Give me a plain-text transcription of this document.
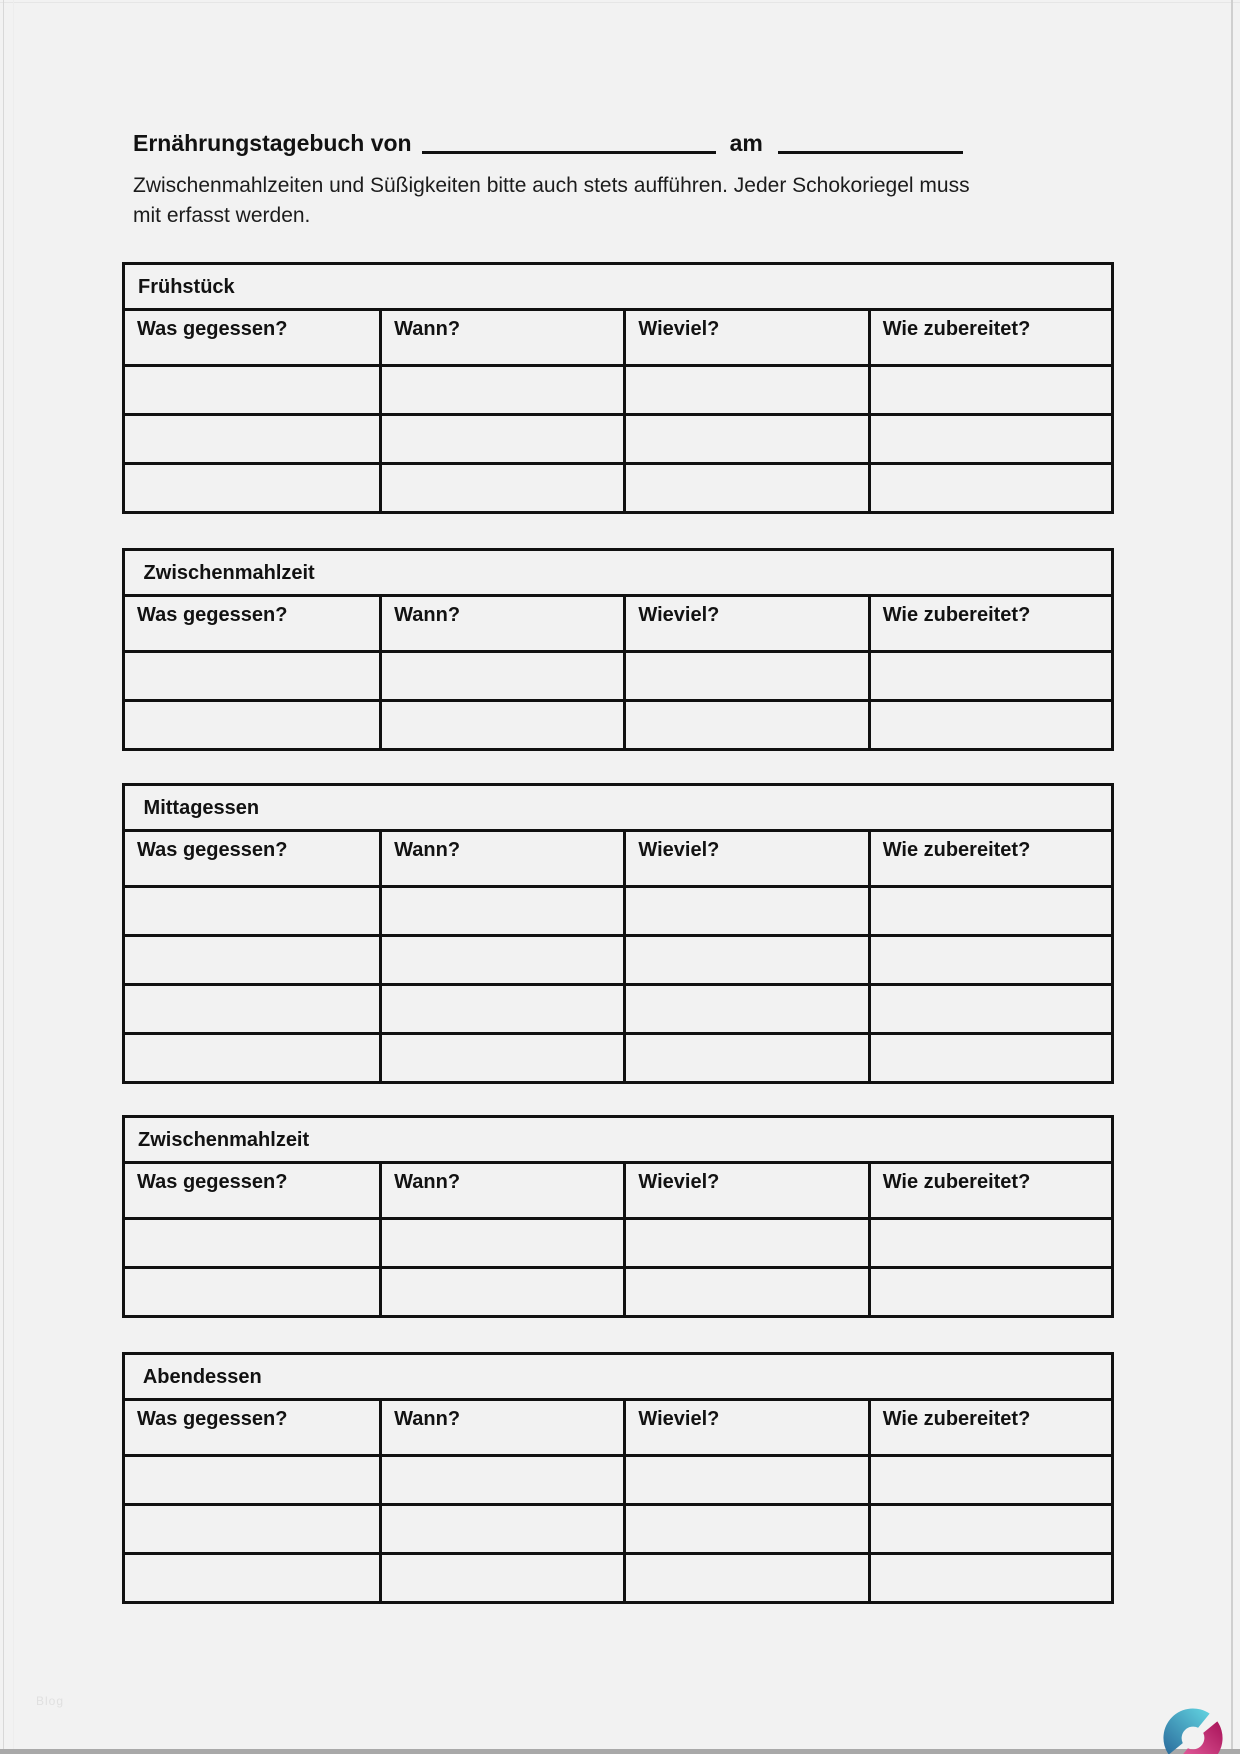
Ernährungstagebuch von	am
Zwischenmahlzeiten und Süßigkeiten bitte auch stets aufführen. Jeder Schokoriegel muss
mit erfasst werden.
Frühstück			
Was gegessen?	Wann?	Wieviel?	Wie zubereitet?

Zwischenmahlzeit			
Was gegessen?	Wann?	Wieviel?	Wie zubereitet?

Mittagessen			
Was gegessen?	Wann?	Wieviel?	Wie zubereitet?

Zwischenmahlzeit			
Was gegessen?	Wann?	Wieviel?	Wie zubereitet?

Abendessen			
Was gegessen?	Wann?	Wieviel?	Wie zubereitet?

Blog
